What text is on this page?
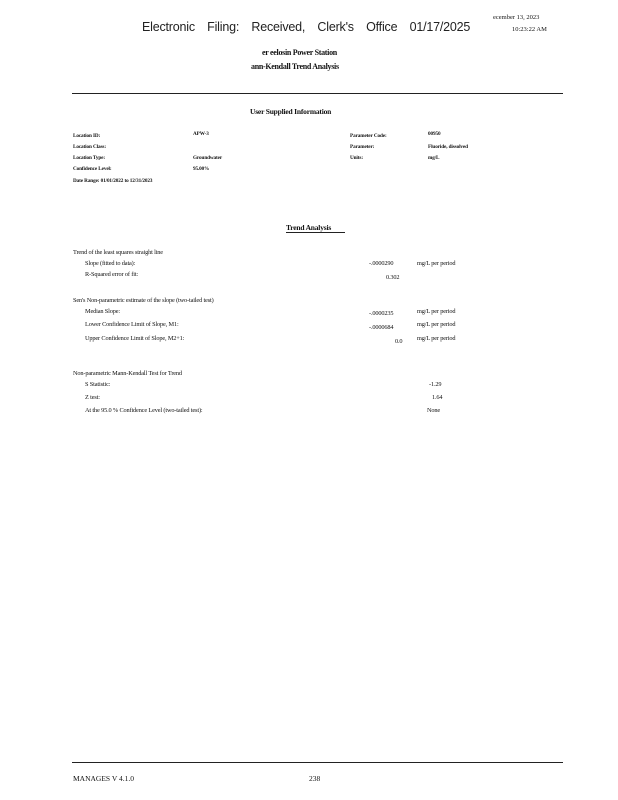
Electronic Filing: Received, Clerk's Office 01/17/2025
ecember 13, 2023
10:23:22 AM
er eelosin Power Station
ann-Kendall Trend Analysis
User Supplied Information
Location ID:	APW-3
Location Class:
Location Type:	Groundwater
Confidence Level:	95.00%
Date Range: 01/01/2022 to 12/31/2023
Parameter Code:	00950
Parameter:	Fluoride, dissolved
Units:	mg/L
Trend Analysis
Trend of the least squares straight line
Slope (fitted to data):	-.0000290	mg/L per period
R-Squared error of fit:	0.302
Sen's Non-parametric estimate of the slope (two-tailed test)
Median Slope:	-.0000235	mg/L per period
Lower Confidence Limit of Slope, M1:	-.0000684	mg/L per period
Upper Confidence Limit of Slope, M2+1:	0.0 mg/L per period
Non-parametric Mann-Kendall Test for Trend
S Statistic:	-1.29
Z test:	1.64
At the 95.0 % Confidence Level (two-tailed test):	None
MANAGES V 4.1.0	238
